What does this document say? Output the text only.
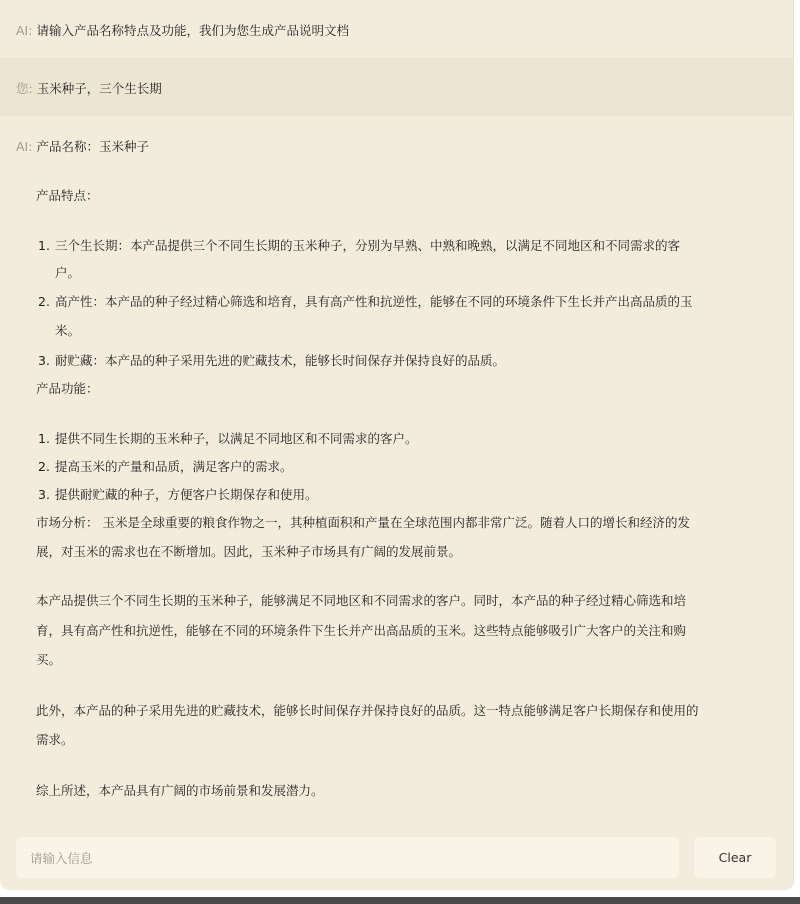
AI: 请输入产品名称特点及功能，我们为您生成产品说明文档
您: 玉米种子，三个生长期
AI: 产品名称：玉米种子
产品特点：
1. 三个生长期：本产品提供三个不同生长期的玉米种子，分别为早熟、中熟和晚熟，以满足不同地区和不同需求的客
户。
2. 高产性：本产品的种子经过精心筛选和培育，具有高产性和抗逆性，能够在不同的环境条件下生长并产出高品质的玉
米。
3. 耐贮藏：本产品的种子采用先进的贮藏技术，能够长时间保存并保持良好的品质。
产品功能：
1. 提供不同生长期的玉米种子，以满足不同地区和不同需求的客户。
2. 提高玉米的产量和品质，满足客户的需求。
3. 提供耐贮藏的种子，方便客户长期保存和使用。
市场分析： 玉米是全球重要的粮食作物之一，其种植面积和产量在全球范围内都非常广泛。随着人口的增长和经济的发
展，对玉米的需求也在不断增加。因此，玉米种子市场具有广阔的发展前景。
本产品提供三个不同生长期的玉米种子，能够满足不同地区和不同需求的客户。同时，本产品的种子经过精心筛选和培
育，具有高产性和抗逆性，能够在不同的环境条件下生长并产出高品质的玉米。这些特点能够吸引广大客户的关注和购
买。
此外，本产品的种子采用先进的贮藏技术，能够长时间保存并保持良好的品质。这一特点能够满足客户长期保存和使用的
需求。
综上所述，本产品具有广阔的市场前景和发展潜力。
请输入信息	Clear
